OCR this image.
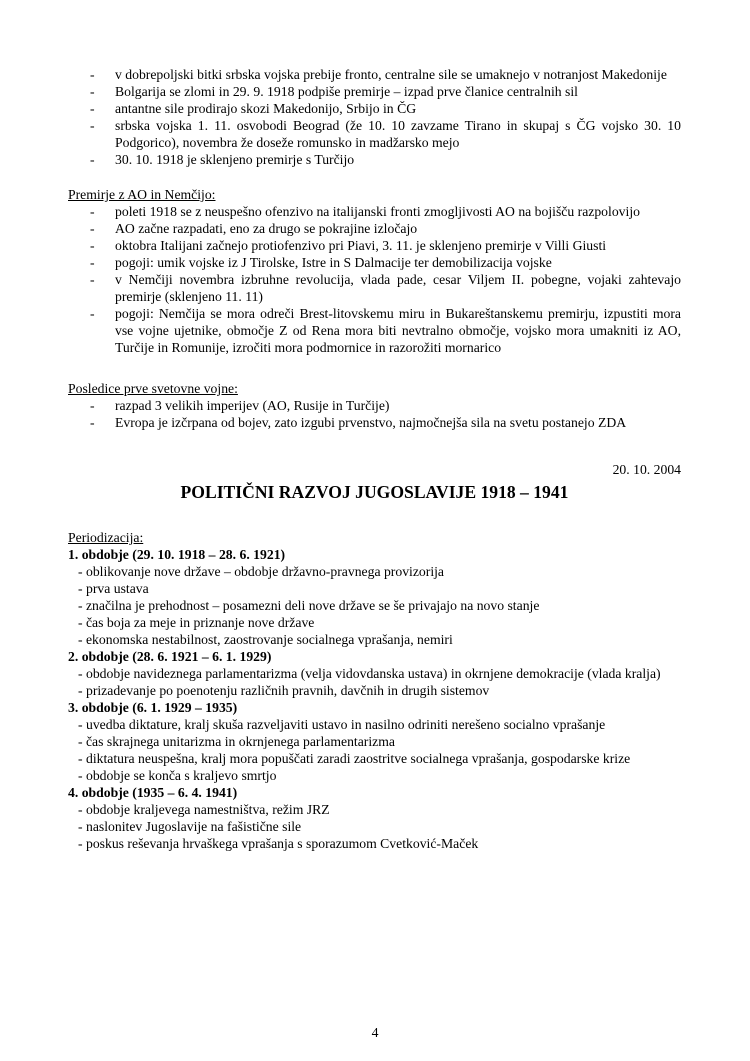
-	v dobrepoljski bitki srbska vojska prebije fronto, centralne sile se umaknejo v notranjost Makedonije
-	Bolgarija se zlomi in 29. 9. 1918 podpiše premirje – izpad prve članice centralnih sil
-	antantne sile prodirajo skozi Makedonijo, Srbijo in ČG
-	srbska vojska 1. 11. osvobodi Beograd (že 10. 10 zavzame Tirano in skupaj s ČG vojsko 30. 10 Podgorico), novembra že doseže romunsko in madžarsko mejo
-	30. 10. 1918 je sklenjeno premirje s Turčijo
Premirje z AO in Nemčijo:
-	poleti 1918 se z neuspešno ofenzivo na italijanski fronti zmogljivosti AO na bojišču razpolovijo
-	AO začne razpadati, eno za drugo se pokrajine izločajo
-	oktobra Italijani začnejo protiofenzivo pri Piavi, 3. 11. je sklenjeno premirje v Villi Giusti
-	pogoji: umik vojske iz J Tirolske, Istre in S Dalmacije ter demobilizacija vojske
-	v Nemčiji novembra izbruhne revolucija, vlada pade, cesar Viljem II. pobegne, vojaki zahtevajo premirje (sklenjeno 11. 11)
-	pogoji: Nemčija se mora odreči Brest-litovskemu miru in Bukareštanskemu premirju, izpustiti mora vse vojne ujetnike, območje Z od Rena mora biti nevtralno območje, vojsko mora umakniti iz AO, Turčije in Romunije, izročiti mora podmornice in razorožiti mornarico
Posledice prve svetovne vojne:
-	razpad 3 velikih imperijev (AO, Rusije in Turčije)
-	Evropa je izčrpana od bojev, zato izgubi prvenstvo, najmočnejša sila na svetu postanejo ZDA
20. 10. 2004
POLITIČNI RAZVOJ JUGOSLAVIJE 1918 – 1941
Periodizacija:
1. obdobje (29. 10. 1918 – 28. 6. 1921)
- oblikovanje nove države – obdobje državno-pravnega provizorija
- prva ustava
- značilna je prehodnost – posamezni deli nove države se še privajajo na novo stanje
- čas boja za meje in priznanje nove države
- ekonomska nestabilnost, zaostrovanje socialnega vprašanja, nemiri
2. obdobje (28. 6. 1921 – 6. 1. 1929)
- obdobje navideznega parlamentarizma (velja vidovdanska ustava) in okrnjene demokracije (vlada kralja)
- prizadevanje po poenotenju različnih pravnih, davčnih in drugih sistemov
3. obdobje (6. 1. 1929 – 1935)
- uvedba diktature, kralj skuša razveljaviti ustavo in nasilno odriniti nerešeno socialno vprašanje
- čas skrajnega unitarizma in okrnjenega parlamentarizma
- diktatura neuspešna, kralj mora popuščati zaradi zaostritve socialnega vprašanja, gospodarske krize
- obdobje se konča s kraljevo smrtjo
4. obdobje (1935 – 6. 4. 1941)
- obdobje kraljevega namestništva, režim JRZ
- naslonitev Jugoslavije na fašistične sile
- poskus reševanja hrvaškega vprašanja s sporazumom Cvetković-Maček
4
